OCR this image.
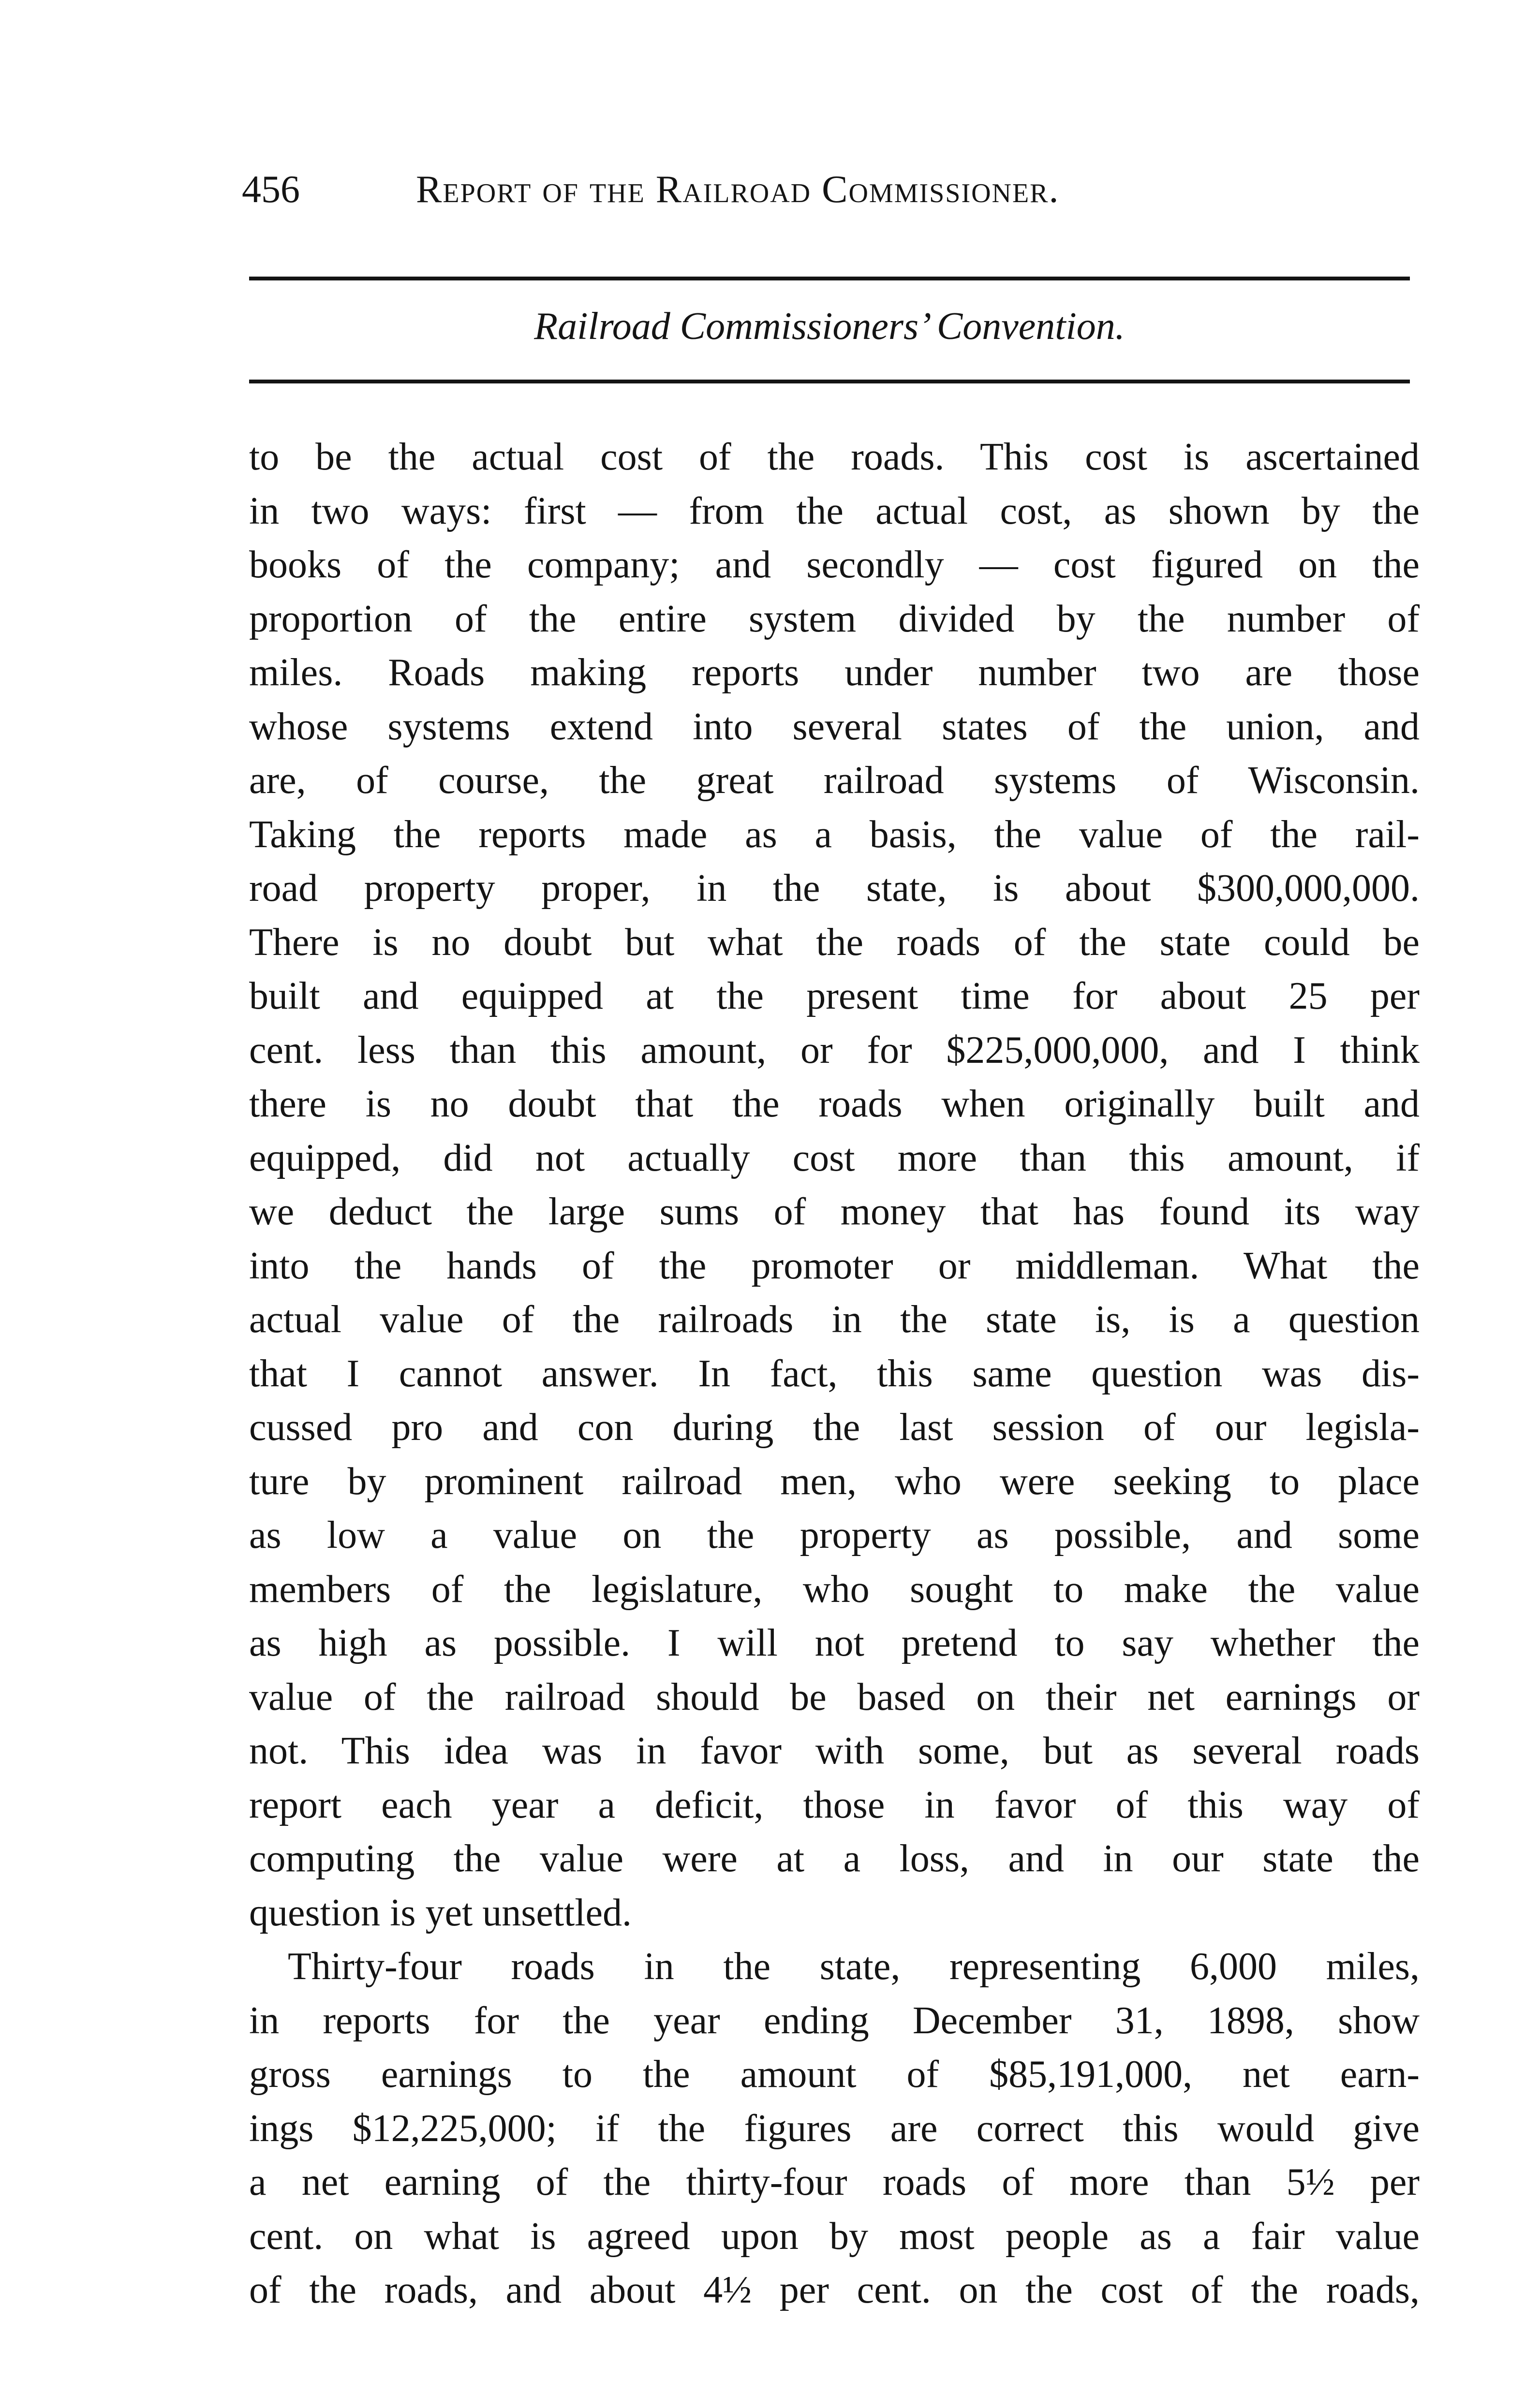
456	Report of the Railroad Commissioner.
Railroad Commissioners’ Convention.
to be the actual cost of the roads. This cost is ascertained
in two ways: first — from the actual cost, as shown by the
books of the company; and secondly — cost figured on the
proportion of the entire system divided by the number of
miles. Roads making reports under number two are those
whose systems extend into several states of the union, and
are, of course, the great railroad systems of Wisconsin.
Taking the reports made as a basis, the value of the rail-
road property proper, in the state, is about $300,000,000.
There is no doubt but what the roads of the state could be
built and equipped at the present time for about 25 per
cent. less than this amount, or for $225,000,000, and I think
there is no doubt that the roads when originally built and
equipped, did not actually cost more than this amount, if
we deduct the large sums of money that has found its way
into the hands of the promoter or middleman. What the
actual value of the railroads in the state is, is a question
that I cannot answer. In fact, this same question was dis-
cussed pro and con during the last session of our legisla-
ture by prominent railroad men, who were seeking to place
as low a value on the property as possible, and some
members of the legislature, who sought to make the value
as high as possible. I will not pretend to say whether the
value of the railroad should be based on their net earnings or
not. This idea was in favor with some, but as several roads
report each year a deficit, those in favor of this way of
computing the value were at a loss, and in our state the
question is yet unsettled.
Thirty-four roads in the state, representing 6,000 miles,
in reports for the year ending December 31, 1898, show
gross earnings to the amount of $85,191,000, net earn-
ings $12,225,000; if the figures are correct this would give
a net earning of the thirty-four roads of more than 5½ per
cent. on what is agreed upon by most people as a fair value
of the roads, and about 4½ per cent. on the cost of the roads,
